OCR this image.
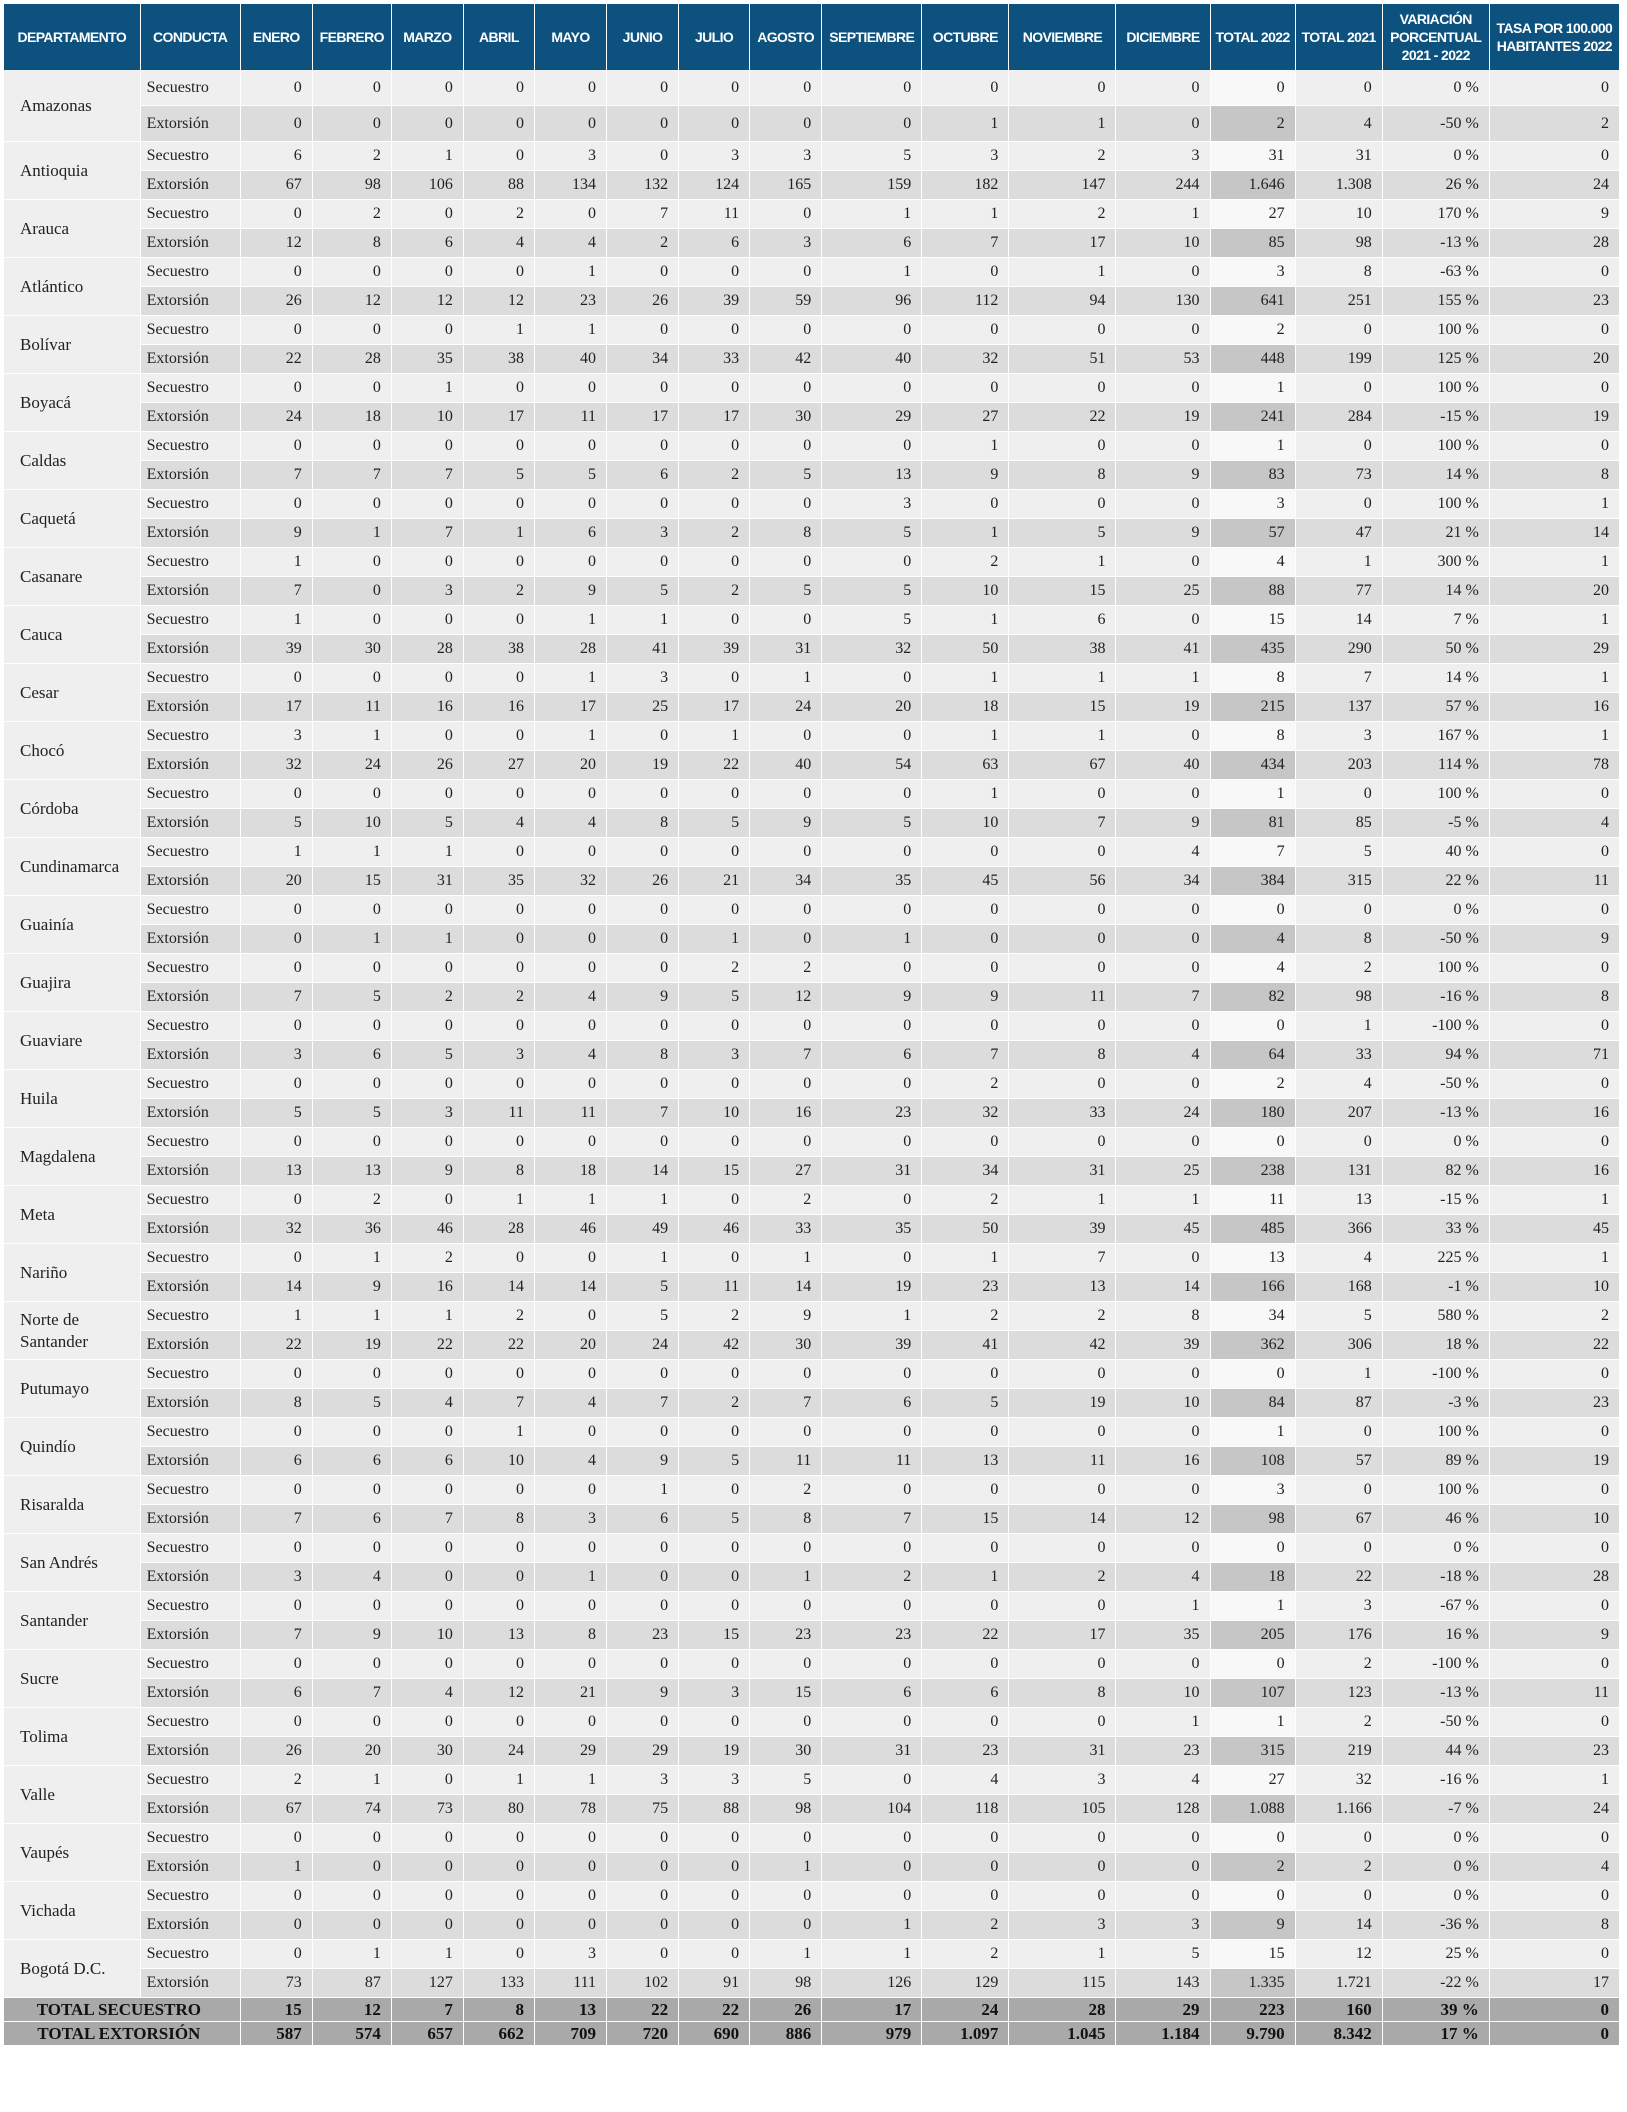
DEPARTAMENTO	CONDUCTA	ENERO	FEBRERO	MARZO	ABRIL	MAYO	JUNIO	JULIO	AGOSTO	SEPTIEMBRE	OCTUBRE	NOVIEMBRE	DICIEMBRE	TOTAL 2022	TOTAL 2021	VARIACIÓN PORCENTUAL 2021 - 2022	TASA POR 100.000 HABITANTES 2022
Amazonas	Secuestro	0	0	0	0	0	0	0	0	0	0	0	0	0	0	0 %	0
	Extorsión	0	0	0	0	0	0	0	0	0	1	1	0	2	4	-50 %	2
Antioquia	Secuestro	6	2	1	0	3	0	3	3	5	3	2	3	31	31	0 %	0
	Extorsión	67	98	106	88	134	132	124	165	159	182	147	244	1.646	1.308	26 %	24
Arauca	Secuestro	0	2	0	2	0	7	11	0	1	1	2	1	27	10	170 %	9
	Extorsión	12	8	6	4	4	2	6	3	6	7	17	10	85	98	-13 %	28
Atlántico	Secuestro	0	0	0	0	1	0	0	0	1	0	1	0	3	8	-63 %	0
	Extorsión	26	12	12	12	23	26	39	59	96	112	94	130	641	251	155 %	23
Bolívar	Secuestro	0	0	0	1	1	0	0	0	0	0	0	0	2	0	100 %	0
	Extorsión	22	28	35	38	40	34	33	42	40	32	51	53	448	199	125 %	20
Boyacá	Secuestro	0	0	1	0	0	0	0	0	0	0	0	0	1	0	100 %	0
	Extorsión	24	18	10	17	11	17	17	30	29	27	22	19	241	284	-15 %	19
Caldas	Secuestro	0	0	0	0	0	0	0	0	0	1	0	0	1	0	100 %	0
	Extorsión	7	7	7	5	5	6	2	5	13	9	8	9	83	73	14 %	8
Caquetá	Secuestro	0	0	0	0	0	0	0	0	3	0	0	0	3	0	100 %	1
	Extorsión	9	1	7	1	6	3	2	8	5	1	5	9	57	47	21 %	14
Casanare	Secuestro	1	0	0	0	0	0	0	0	0	2	1	0	4	1	300 %	1
	Extorsión	7	0	3	2	9	5	2	5	5	10	15	25	88	77	14 %	20
Cauca	Secuestro	1	0	0	0	1	1	0	0	5	1	6	0	15	14	7 %	1
	Extorsión	39	30	28	38	28	41	39	31	32	50	38	41	435	290	50 %	29
Cesar	Secuestro	0	0	0	0	1	3	0	1	0	1	1	1	8	7	14 %	1
	Extorsión	17	11	16	16	17	25	17	24	20	18	15	19	215	137	57 %	16
Chocó	Secuestro	3	1	0	0	1	0	1	0	0	1	1	0	8	3	167 %	1
	Extorsión	32	24	26	27	20	19	22	40	54	63	67	40	434	203	114 %	78
Córdoba	Secuestro	0	0	0	0	0	0	0	0	0	1	0	0	1	0	100 %	0
	Extorsión	5	10	5	4	4	8	5	9	5	10	7	9	81	85	-5 %	4
Cundinamarca	Secuestro	1	1	1	0	0	0	0	0	0	0	0	4	7	5	40 %	0
	Extorsión	20	15	31	35	32	26	21	34	35	45	56	34	384	315	22 %	11
Guainía	Secuestro	0	0	0	0	0	0	0	0	0	0	0	0	0	0	0 %	0
	Extorsión	0	1	1	0	0	0	1	0	1	0	0	0	4	8	-50 %	9
Guajira	Secuestro	0	0	0	0	0	0	2	2	0	0	0	0	4	2	100 %	0
	Extorsión	7	5	2	2	4	9	5	12	9	9	11	7	82	98	-16 %	8
Guaviare	Secuestro	0	0	0	0	0	0	0	0	0	0	0	0	0	1	-100 %	0
	Extorsión	3	6	5	3	4	8	3	7	6	7	8	4	64	33	94 %	71
Huila	Secuestro	0	0	0	0	0	0	0	0	0	2	0	0	2	4	-50 %	0
	Extorsión	5	5	3	11	11	7	10	16	23	32	33	24	180	207	-13 %	16
Magdalena	Secuestro	0	0	0	0	0	0	0	0	0	0	0	0	0	0	0 %	0
	Extorsión	13	13	9	8	18	14	15	27	31	34	31	25	238	131	82 %	16
Meta	Secuestro	0	2	0	1	1	1	0	2	0	2	1	1	11	13	-15 %	1
	Extorsión	32	36	46	28	46	49	46	33	35	50	39	45	485	366	33 %	45
Nariño	Secuestro	0	1	2	0	0	1	0	1	0	1	7	0	13	4	225 %	1
	Extorsión	14	9	16	14	14	5	11	14	19	23	13	14	166	168	-1 %	10
Norte de Santander	Secuestro	1	1	1	2	0	5	2	9	1	2	2	8	34	5	580 %	2
	Extorsión	22	19	22	22	20	24	42	30	39	41	42	39	362	306	18 %	22
Putumayo	Secuestro	0	0	0	0	0	0	0	0	0	0	0	0	0	1	-100 %	0
	Extorsión	8	5	4	7	4	7	2	7	6	5	19	10	84	87	-3 %	23
Quindío	Secuestro	0	0	0	1	0	0	0	0	0	0	0	0	1	0	100 %	0
	Extorsión	6	6	6	10	4	9	5	11	11	13	11	16	108	57	89 %	19
Risaralda	Secuestro	0	0	0	0	0	1	0	2	0	0	0	0	3	0	100 %	0
	Extorsión	7	6	7	8	3	6	5	8	7	15	14	12	98	67	46 %	10
San Andrés	Secuestro	0	0	0	0	0	0	0	0	0	0	0	0	0	0	0 %	0
	Extorsión	3	4	0	0	1	0	0	1	2	1	2	4	18	22	-18 %	28
Santander	Secuestro	0	0	0	0	0	0	0	0	0	0	0	1	1	3	-67 %	0
	Extorsión	7	9	10	13	8	23	15	23	23	22	17	35	205	176	16 %	9
Sucre	Secuestro	0	0	0	0	0	0	0	0	0	0	0	0	0	2	-100 %	0
	Extorsión	6	7	4	12	21	9	3	15	6	6	8	10	107	123	-13 %	11
Tolima	Secuestro	0	0	0	0	0	0	0	0	0	0	0	1	1	2	-50 %	0
	Extorsión	26	20	30	24	29	29	19	30	31	23	31	23	315	219	44 %	23
Valle	Secuestro	2	1	0	1	1	3	3	5	0	4	3	4	27	32	-16 %	1
	Extorsión	67	74	73	80	78	75	88	98	104	118	105	128	1.088	1.166	-7 %	24
Vaupés	Secuestro	0	0	0	0	0	0	0	0	0	0	0	0	0	0	0 %	0
	Extorsión	1	0	0	0	0	0	0	1	0	0	0	0	2	2	0 %	4
Vichada	Secuestro	0	0	0	0	0	0	0	0	0	0	0	0	0	0	0 %	0
	Extorsión	0	0	0	0	0	0	0	0	1	2	3	3	9	14	-36 %	8
Bogotá D.C.	Secuestro	0	1	1	0	3	0	0	1	1	2	1	5	15	12	25 %	0
	Extorsión	73	87	127	133	111	102	91	98	126	129	115	143	1.335	1.721	-22 %	17
TOTAL SECUESTRO		15	12	7	8	13	22	22	26	17	24	28	29	223	160	39 %	0
TOTAL EXTORSIÓN		587	574	657	662	709	720	690	886	979	1.097	1.045	1.184	9.790	8.342	17 %	0
